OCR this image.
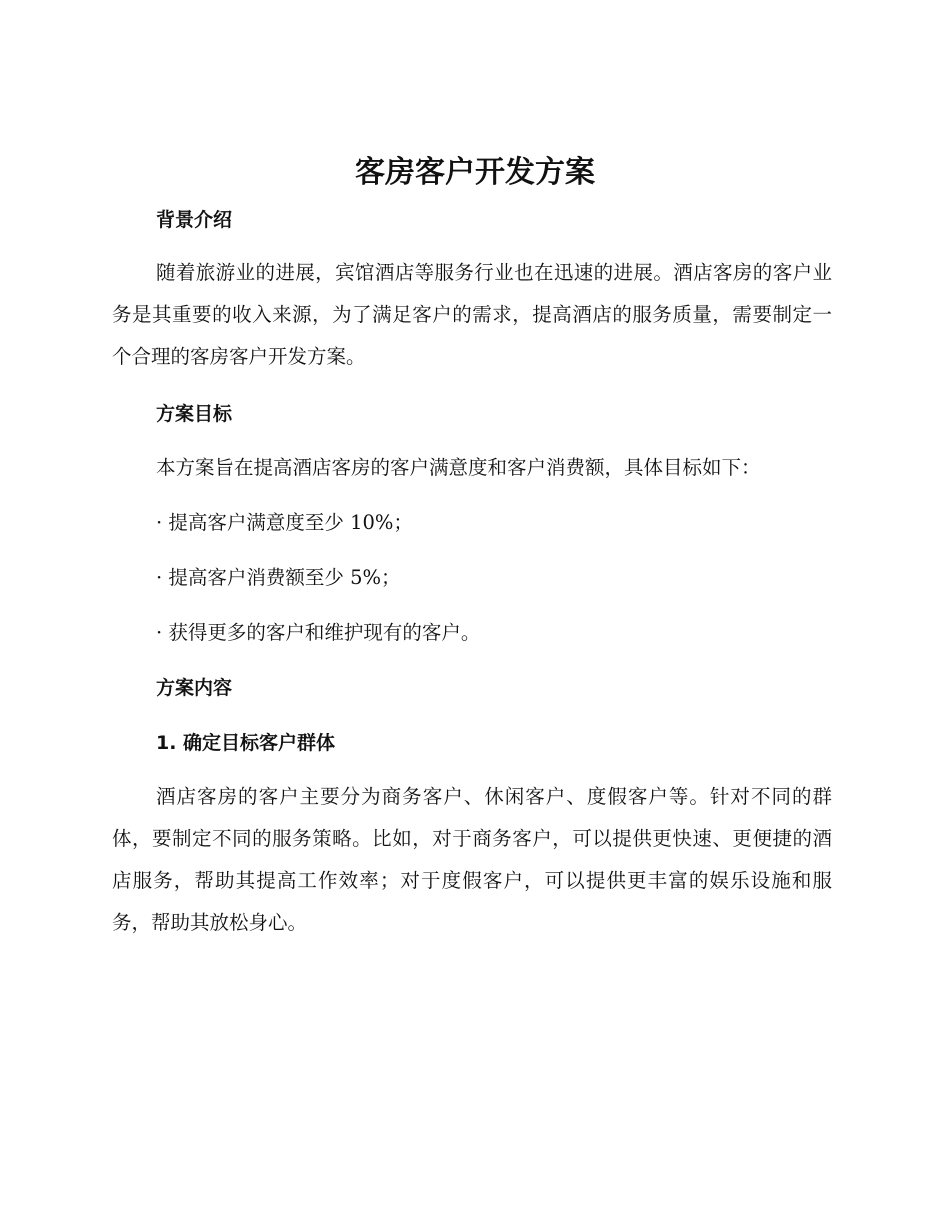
客房客户开发方案
背景介绍

随着旅游业的进展，宾馆酒店等服务行业也在迅速的进展。酒店客房的客户业务是其重要的收入来源，为了满足客户的需求，提高酒店的服务质量，需要制定一个合理的客房客户开发方案。

方案目标

本方案旨在提高酒店客房的客户满意度和客户消费额，具体目标如下：

· 提高客户满意度至少 10%；

· 提高客户消费额至少 5%；

· 获得更多的客户和维护现有的客户。

方案内容
1. 确定目标客户群体

酒店客房的客户主要分为商务客户、休闲客户、度假客户等。针对不同的群体，要制定不同的服务策略。比如，对于商务客户，可以提供更快速、更便捷的酒店服务，帮助其提高工作效率；对于度假客户，可以提供更丰富的娱乐设施和服务，帮助其放松身心。
